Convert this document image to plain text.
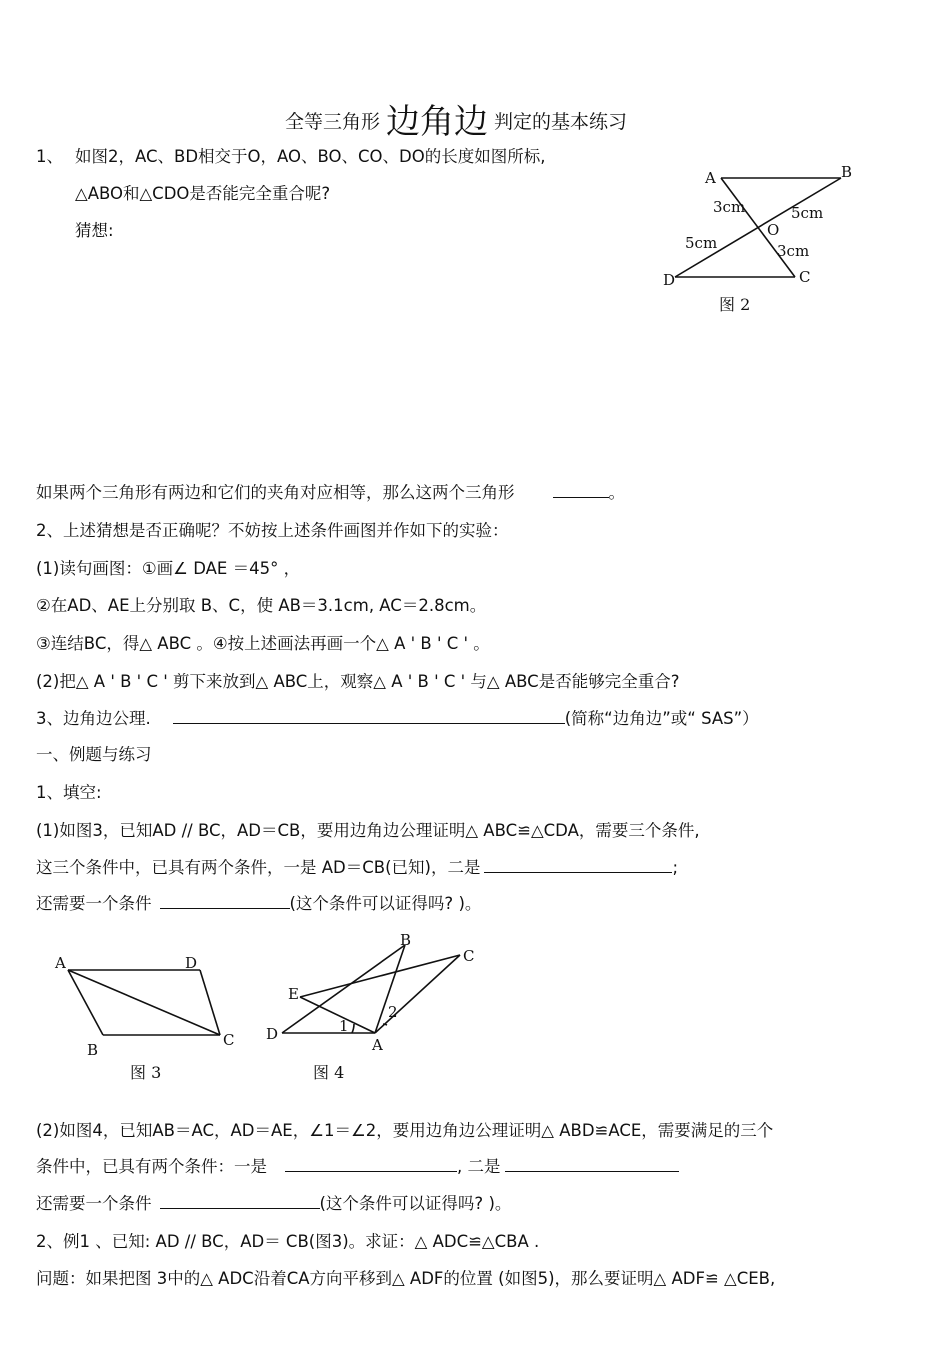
全等三角形 边角边 判定的基本练习
1、 如图2，AC、BD相交于O，AO、BO、CO、DO的长度如图所标,
△ABO和△CDO是否能完全重合呢?
猜想:
A	B
C
D
O
3cm	5cm
5cm	3cm
图 2
如果两个三角形有两边和它们的夹角对应相等，那么这两个三角形	。
2、上述猜想是否正确呢？不妨按上述条件画图并作如下的实验：
(1)读句画图：①画∠ DAE ＝45° ，
②在AD、AE上分别取 B、C，使 AB＝3.1cm, AC＝2.8cm。
③连结BC，得△ ABC 。④按上述画法再画一个△ A ' B ' C ' 。
(2)把△ A ' B ' C ' 剪下来放到△ ABC上，观察△ A ' B ' C ' 与△ ABC是否能够完全重合?
3、边角边公理.	(简称“边角边”或“ SAS”）
一、例题与练习
1、填空:
(1)如图3，已知AD // BC，AD＝CB，要用边角边公理证明△ ABC≌△CDA，需要三个条件,
这三个条件中，已具有两个条件，一是 AD＝CB(已知)，二是	;
还需要一个条件	(这个条件可以证得吗? )。
A	D
B
C
图 3
B
C
E
D
A
1
2
图 4
(2)如图4，已知AB＝AC，AD＝AE，∠1＝∠2，要用边角边公理证明△ ABD≌ACE，需要满足的三个
条件中，已具有两个条件：一是	, 二是
还需要一个条件	(这个条件可以证得吗? )。
2、例1 、已知: AD // BC，AD＝ CB(图3)。求证：△ ADC≌△CBA .
问题：如果把图 3中的△ ADC沿着CA方向平移到△ ADF的位置 (如图5)，那么要证明△ ADF≌ △CEB,
